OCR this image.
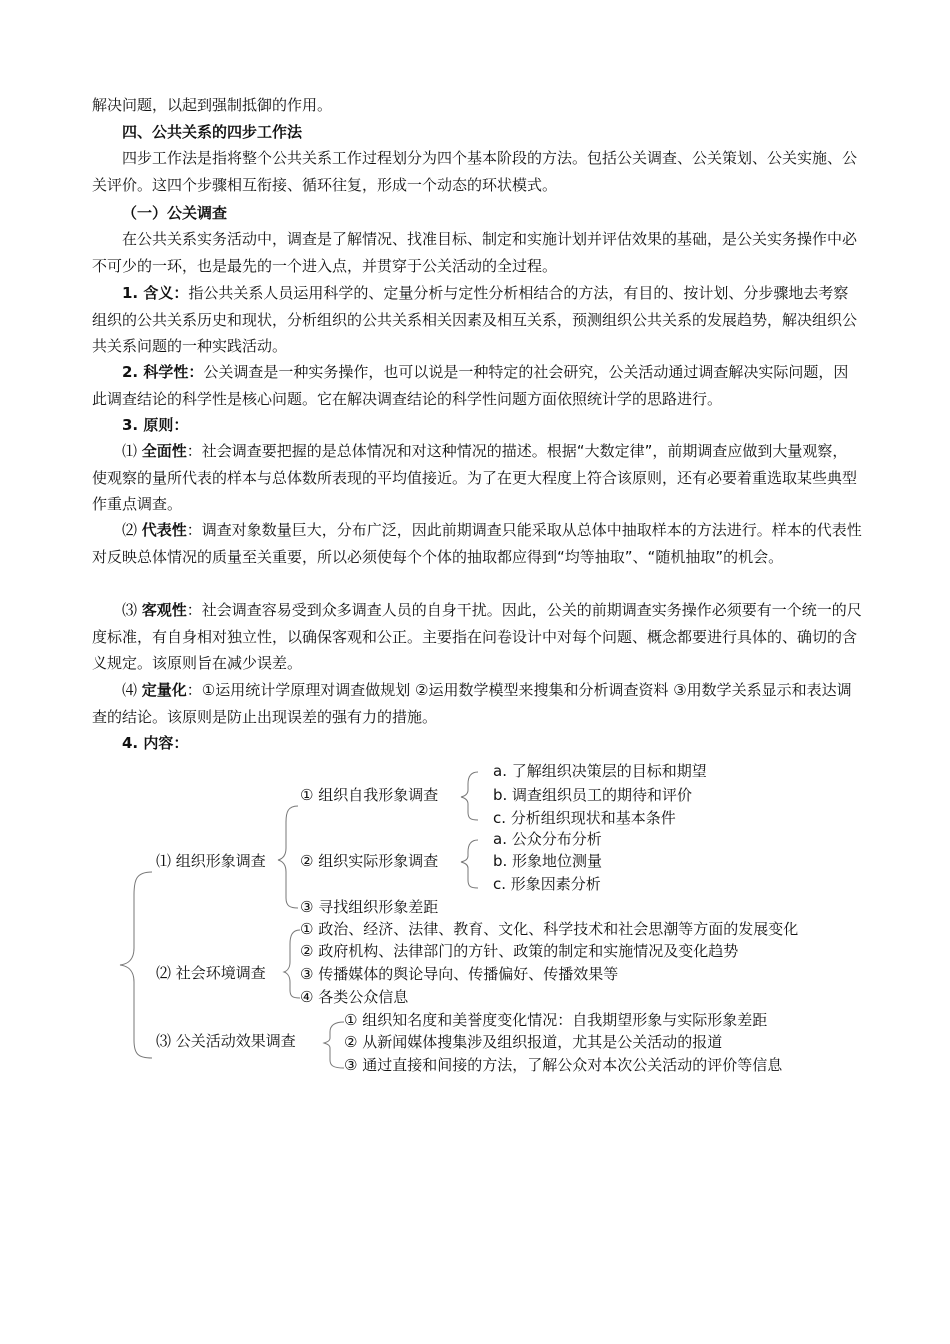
解决问题，以起到强制抵御的作用。

四、公共关系的四步工作法

四步工作法是指将整个公共关系工作过程划分为四个基本阶段的方法。包括公关调查、公关策划、公关实施、公关评价。这四个步骤相互衔接、循环往复，形成一个动态的环状模式。

（一）公关调查

在公共关系实务活动中，调查是了解情况、找准目标、制定和实施计划并评估效果的基础，是公关实务操作中必不可少的一环，也是最先的一个进入点，并贯穿于公关活动的全过程。

1. 含义：指公共关系人员运用科学的、定量分析与定性分析相结合的方法，有目的、按计划、分步骤地去考察组织的公共关系历史和现状，分析组织的公共关系相关因素及相互关系，预测组织公共关系的发展趋势，解决组织公共关系问题的一种实践活动。

2. 科学性：公关调查是一种实务操作，也可以说是一种特定的社会研究，公关活动通过调查解决实际问题，因此调查结论的科学性是核心问题。它在解决调查结论的科学性问题方面依照统计学的思路进行。

3. 原则：

⑴ 全面性：社会调查要把握的是总体情况和对这种情况的描述。根据“大数定律”，前期调查应做到大量观察，使观察的量所代表的样本与总体数所表现的平均值接近。为了在更大程度上符合该原则，还有必要着重选取某些典型作重点调查。

⑵ 代表性：调查对象数量巨大，分布广泛，因此前期调查只能采取从总体中抽取样本的方法进行。样本的代表性对反映总体情况的质量至关重要，所以必须使每个个体的抽取都应得到“均等抽取”、“随机抽取”的机会。

⑶ 客观性：社会调查容易受到众多调查人员的自身干扰。因此，公关的前期调查实务操作必须要有一个统一的尺度标准，有自身相对独立性，以确保客观和公正。主要指在问卷设计中对每个问题、概念都要进行具体的、确切的含义规定。该原则旨在减少误差。

⑷ 定量化：①运用统计学原理对调查做规划 ②运用数学模型来搜集和分析调查资料 ③用数学关系显示和表达调查的结论。该原则是防止出现误差的强有力的措施。

4. 内容：

⑴ 组织形象调查
⑵ 社会环境调查
⑶ 公关活动效果调查
① 组织自我形象调查
② 组织实际形象调查
③ 寻找组织形象差距
a. 了解组织决策层的目标和期望
b. 调查组织员工的期待和评价
c. 分析组织现状和基本条件
a. 公众分布分析
b. 形象地位测量
c. 形象因素分析
① 政治、经济、法律、教育、文化、科学技术和社会思潮等方面的发展变化
② 政府机构、法律部门的方针、政策的制定和实施情况及变化趋势
③ 传播媒体的舆论导向、传播偏好、传播效果等
④ 各类公众信息
① 组织知名度和美誉度变化情况：自我期望形象与实际形象差距
② 从新闻媒体搜集涉及组织报道，尤其是公关活动的报道
③ 通过直接和间接的方法，了解公众对本次公关活动的评价等信息
